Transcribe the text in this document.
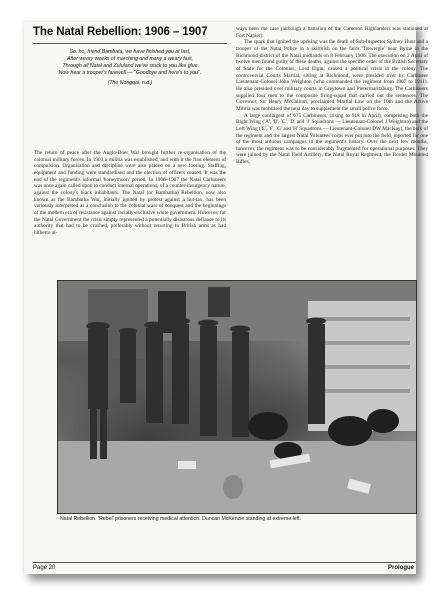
The Natal Rebellion: 1906 – 1907
So, ho, friend Bambata, we have finished you at last,
After weary weeks of marching and many a weary fast,
Through all Natal and Zululand we've stuck to you like glue
Now hear a trooper's farewell — "Goodbye and here's to you".
(The Nongqai, n.d.)

The return of peace after the Anglo-Boer War brought further re-organisation of the colonial military forces. In 1903 a militia was established, and with it the first element of compulsion. Organisation and discipline were also placed on a new footing. Staffing, equipment and funding were standardised and the election of officers ceased. It was the end of the regiment's informal 'honeymoon' period. In 1906–1907 the Natal Carbineers was once again called upon to conduct internal operations, of a counter-insurgency nature, against the colony's black inhabitants. The Natal (or Bambatha) Rebellion, now also known as the Bambatha War, initially ignited by protest against a hut-tax, has been variously interpreted as a conclusion to the colonial wars of conquest and the beginnings of the modern era of resistance against racially-exclusive white government. However, for the Natal Government the crisis simply represented a potentially disastrous defiance to its authority that had to be crushed, preferably without resorting to British arms as had hitherto al-

ways been the case (although a battalion of the Cameron Highlanders was stationed at Fort Napier).

The spark that ignited the uprising was the death of Sub-Inspector Sydney Hunt and a trooper of the Natal Police in a skirmish on the farm 'Trewergie' near Byrne in the Richmond district of the Natal midlands on 8 February 1906. The execution on 2 April of twelve men found guilty of these deaths, against the specific order of the British Secretary of State for the Colonies, Lord Elgin, caused a political crisis in the colony. The controversial Courts Martial, sitting at Richmond, were presided over by Carbineer Lieutenant-Colonel John Weighton (who commanded the regiment from 1907 to 1911). He also presided over military courts in Greytown and Pietermaritzburg. The Carbineers supplied four men to the composite firing-squad that carried out the sentences. The Governor, Sir Henry McCallum, proclaimed Martial Law on the 10th and the Active Militia was mobilised the next day to supplement the small police force.

A large contingent of 675 Carbineers, (rising to 918 in April), comprising both the Right Wing ('A', 'B', 'C', 'D' and 'J' Squadrons — Lieutenant-Colonel J Weighton) and the Left Wing ('E', 'F', 'G' and 'H' Squadrons — Lieutenant-Colonel DW MacKay), the bulk of the regiment and the largest Natal Volunteer corps ever put into the field, reported for one of the most arduous campaigns in the regiment's history. Over the next few months, however, the regiment was to be considerably fragmented for operational purposes. They were joined by the Natal Field Artillery, the Natal Royal Regiment, the Border Mounted Rifles,

Natal Rebellion. 'Rebel' prisoners receiving medical attention. Duncan McKenzie standing at extreme left.
Page 20	Prologue
